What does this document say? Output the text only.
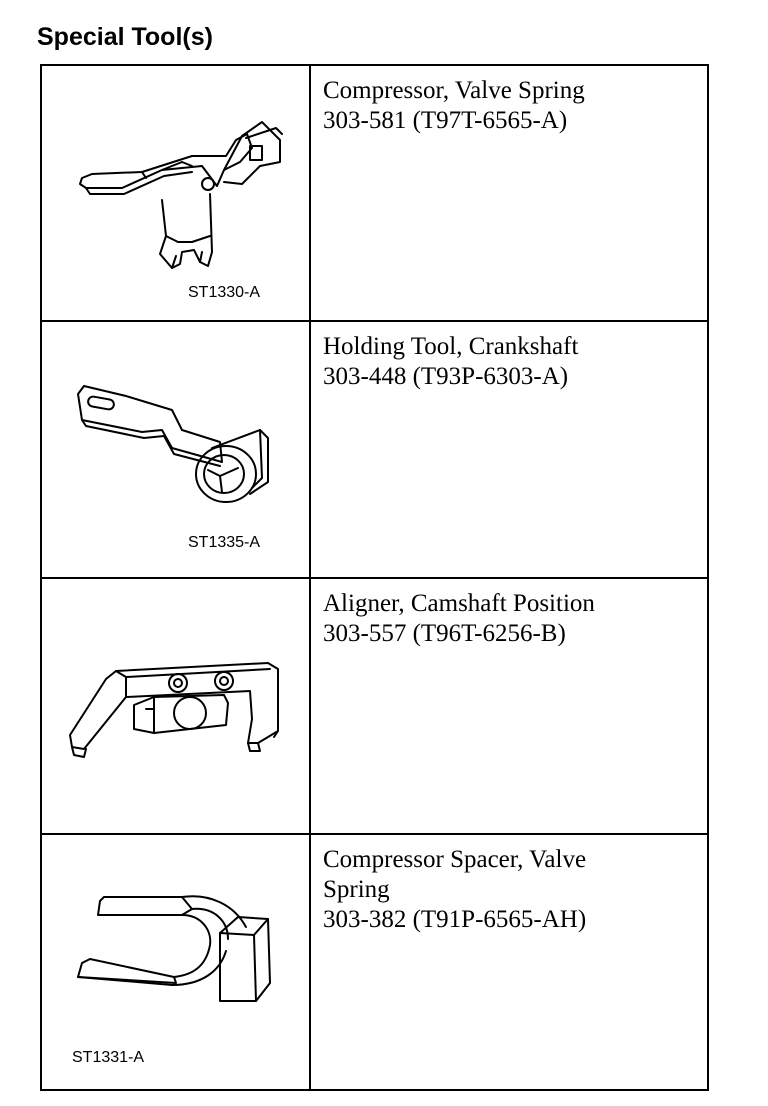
Special Tool(s)
ST1330-A	Compressor, Valve Spring
303-581 (T97T-6565-A)

ST1335-A	Holding Tool, Crankshaft
303-448 (T93P-6303-A)

Aligner, Camshaft Position
303-557 (T96T-6256-B)

ST1331-A	Compressor Spacer, Valve
Spring
303-382 (T91P-6565-AH)
